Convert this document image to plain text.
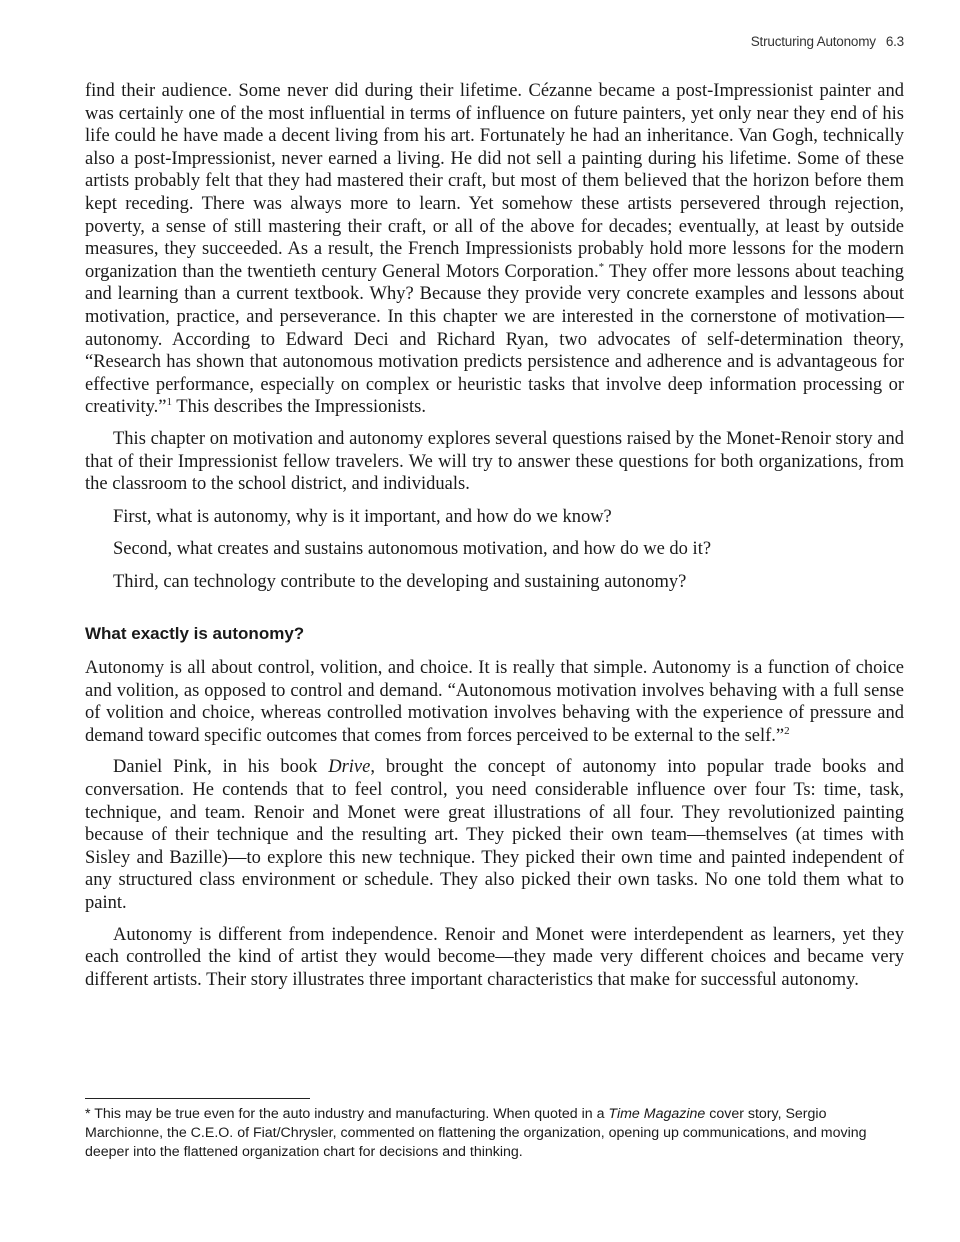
Structuring Autonomy 6.3

find their audience. Some never did during their lifetime. Cézanne became a post-Impressionist painter and was certainly one of the most influential in terms of influence on future painters, yet only near they end of his life could he have made a decent living from his art. Fortunately he had an inheritance. Van Gogh, technically also a post-Impressionist, never earned a living. He did not sell a painting during his lifetime. Some of these artists probably felt that they had mastered their craft, but most of them believed that the horizon before them kept receding. There was always more to learn. Yet somehow these artists persevered through rejection, poverty, a sense of still mastering their craft, or all of the above for decades; eventually, at least by outside measures, they succeeded. As a result, the French Impressionists probably hold more lessons for the modern organization than the twentieth century General Motors Corporation.* They offer more lessons about teaching and learning than a current textbook. Why? Because they provide very concrete examples and lessons about motivation, practice, and perseverance. In this chapter we are interested in the cornerstone of motivation—autonomy. According to Edward Deci and Richard Ryan, two advocates of self-determination theory, “Research has shown that autonomous motivation predicts persistence and adherence and is advantageous for effective performance, especially on complex or heuristic tasks that involve deep information processing or creativity.”$^1$ This describes the Impressionists.

This chapter on motivation and autonomy explores several questions raised by the Monet-Renoir story and that of their Impressionist fellow travelers. We will try to answer these questions for both organizations, from the classroom to the school district, and individuals.

First, what is autonomy, why is it important, and how do we know?

Second, what creates and sustains autonomous motivation, and how do we do it?

Third, can technology contribute to the developing and sustaining autonomy?

What exactly is autonomy?

Autonomy is all about control, volition, and choice. It is really that simple. Autonomy is a function of choice and volition, as opposed to control and demand. “Autonomous motivation involves behaving with a full sense of volition and choice, whereas controlled motivation involves behaving with the experience of pressure and demand toward specific outcomes that comes from forces perceived to be external to the self.”$^2$

Daniel Pink, in his book Drive, brought the concept of autonomy into popular trade books and conversation. He contends that to feel control, you need considerable influence over four Ts: time, task, technique, and team. Renoir and Monet were great illustrations of all four. They revolutionized painting because of their technique and the resulting art. They picked their own team—themselves (at times with Sisley and Bazille)—to explore this new technique. They picked their own time and painted independent of any structured class environment or schedule. They also picked their own tasks. No one told them what to paint.

Autonomy is different from independence. Renoir and Monet were interdependent as learners, yet they each controlled the kind of artist they would become—they made very different choices and became very different artists. Their story illustrates three important characteristics that make for successful autonomy.

* This may be true even for the auto industry and manufacturing. When quoted in a Time Magazine cover story, Sergio Marchionne, the C.E.O. of Fiat/Chrysler, commented on flattening the organization, opening up communications, and moving deeper into the flattened organization chart for decisions and thinking.
